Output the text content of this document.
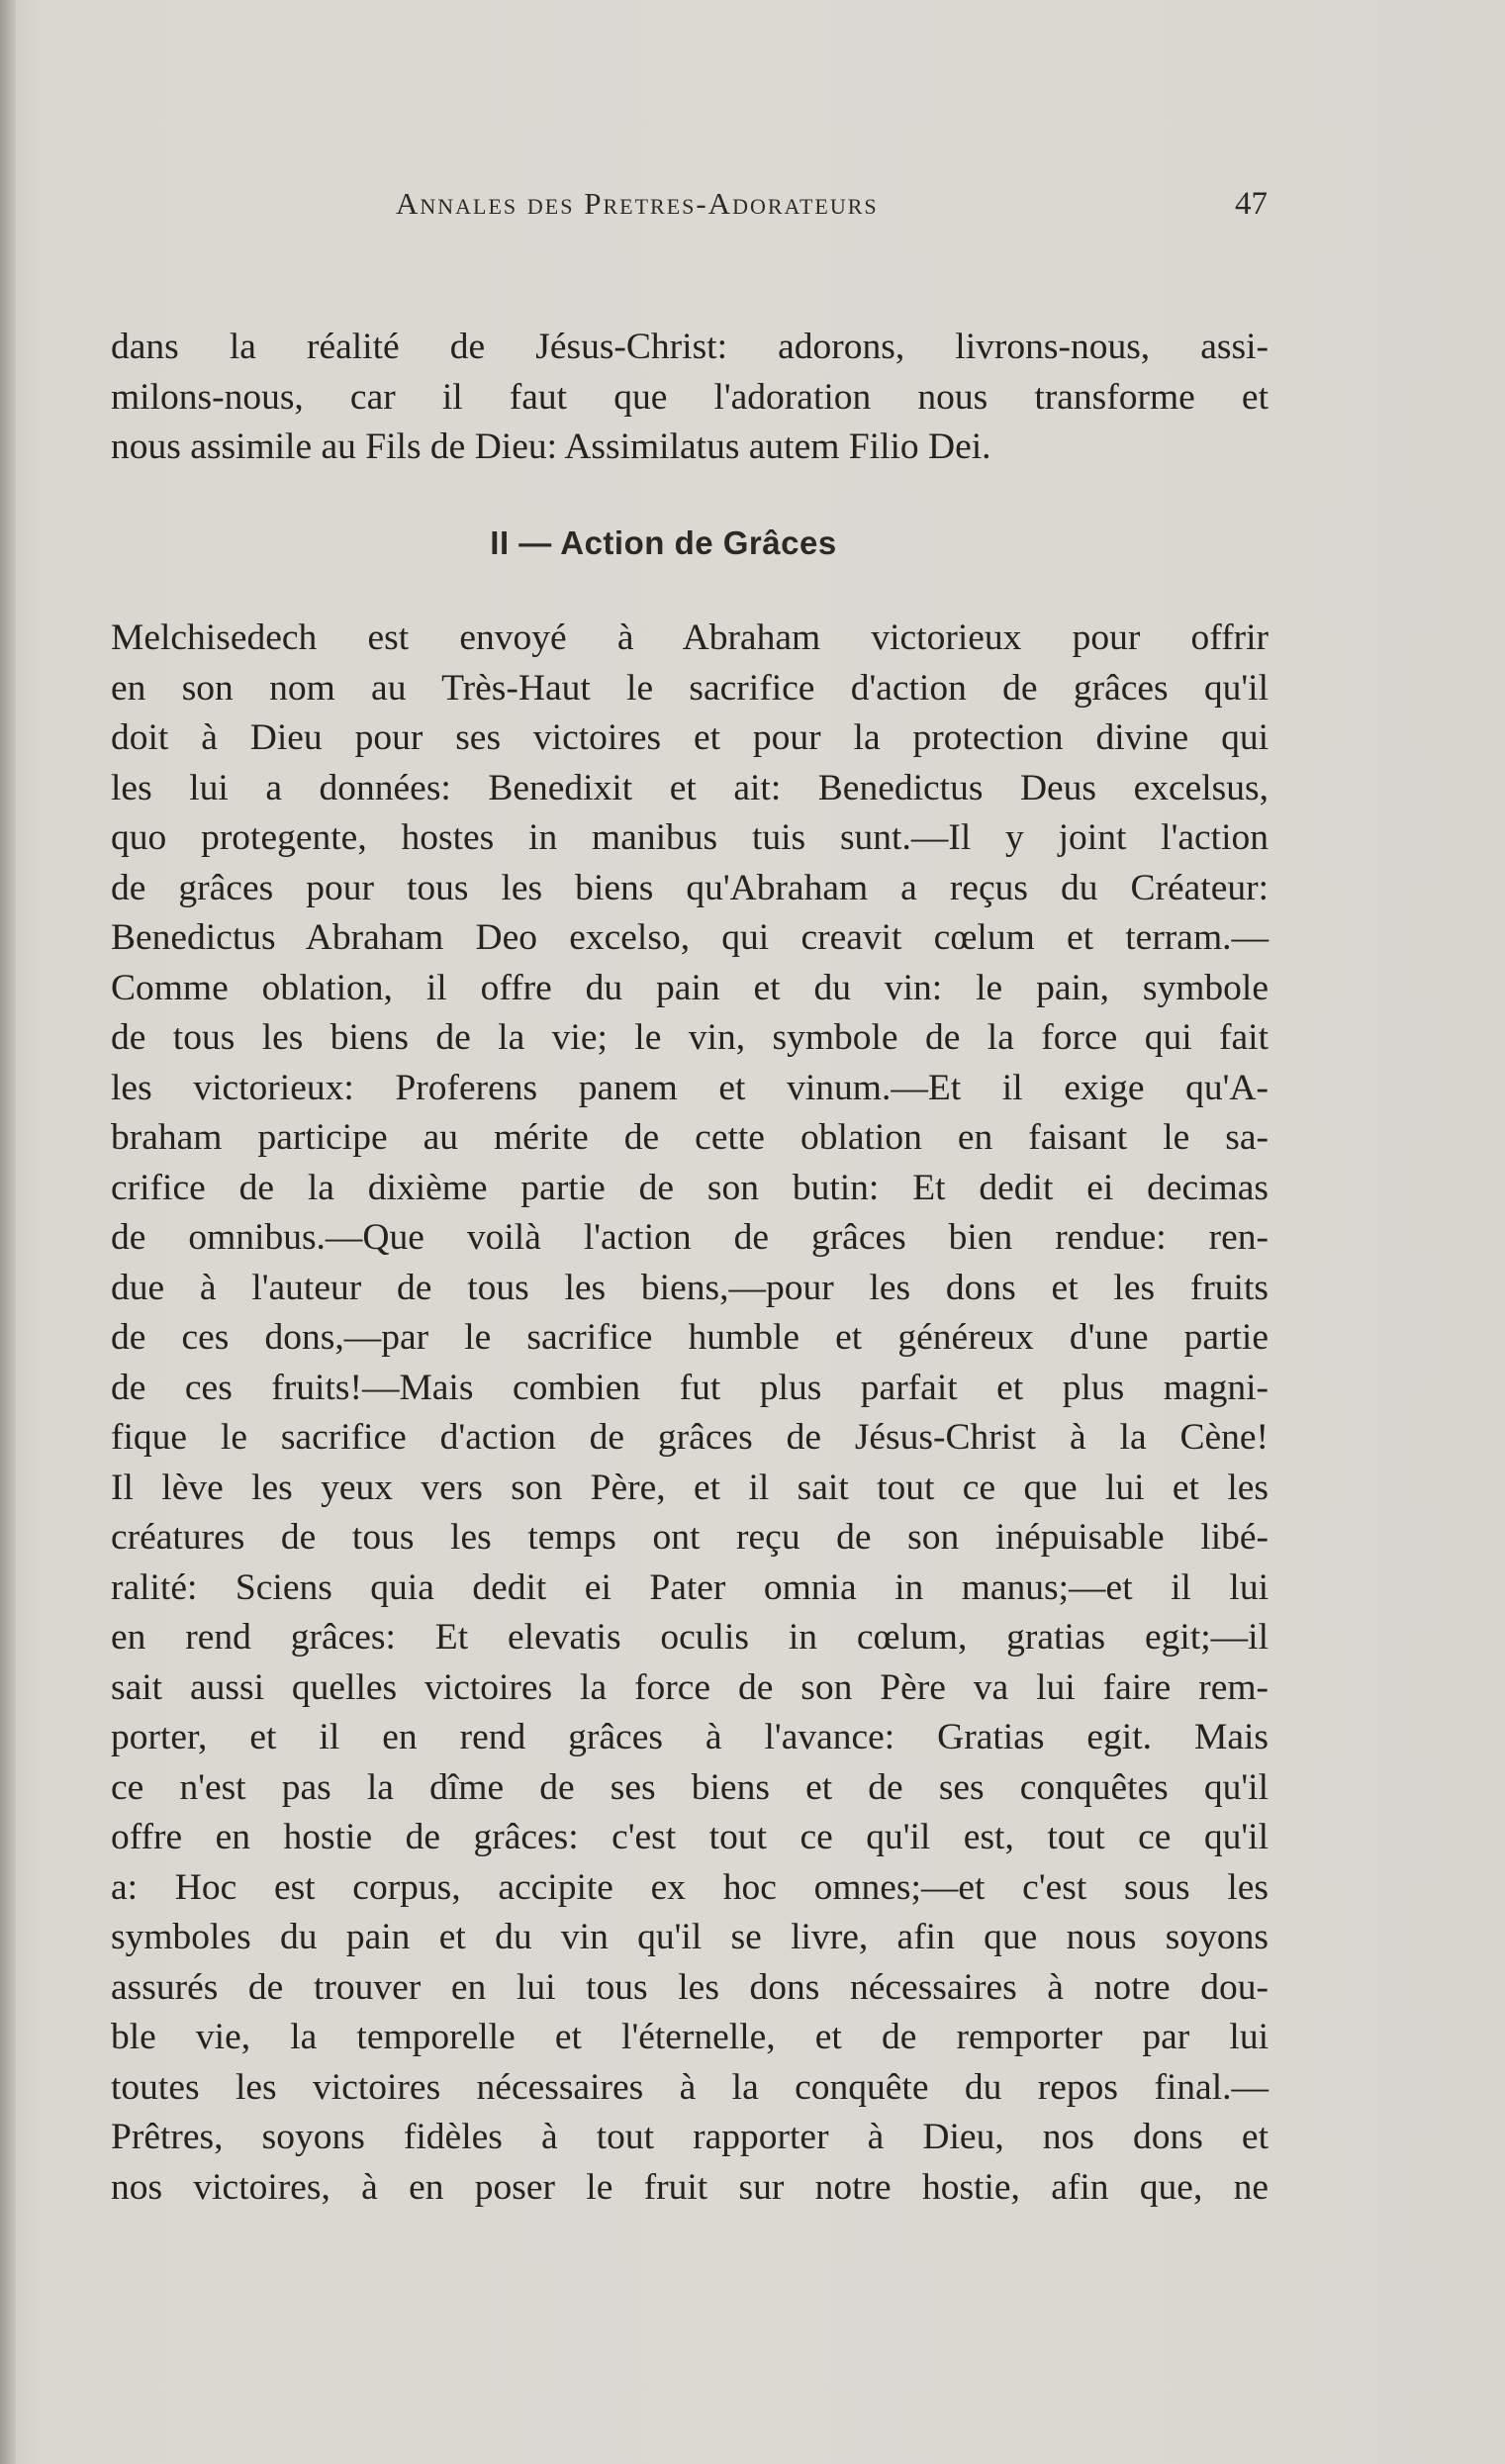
Annales des Pretres-Adorateurs	47
dans la réalité de Jésus-Christ: adorons, livrons-nous, assi-
milons-nous, car il faut que l'adoration nous transforme et
nous assimile au Fils de Dieu: Assimilatus autem Filio Dei.
II — Action de Grâces
Melchisedech est envoyé à Abraham victorieux pour offrir
en son nom au Très-Haut le sacrifice d'action de grâces qu'il
doit à Dieu pour ses victoires et pour la protection divine qui
les lui a données: Benedixit et ait: Benedictus Deus excelsus,
quo protegente, hostes in manibus tuis sunt.—Il y joint l'action
de grâces pour tous les biens qu'Abraham a reçus du Créateur:
Benedictus Abraham Deo excelso, qui creavit cœlum et terram.—
Comme oblation, il offre du pain et du vin: le pain, symbole
de tous les biens de la vie; le vin, symbole de la force qui fait
les victorieux: Proferens panem et vinum.—Et il exige qu'A-
braham participe au mérite de cette oblation en faisant le sa-
crifice de la dixième partie de son butin: Et dedit ei decimas
de omnibus.—Que voilà l'action de grâces bien rendue: ren-
due à l'auteur de tous les biens,—pour les dons et les fruits
de ces dons,—par le sacrifice humble et généreux d'une partie
de ces fruits!—Mais combien fut plus parfait et plus magni-
fique le sacrifice d'action de grâces de Jésus-Christ à la Cène!
Il lève les yeux vers son Père, et il sait tout ce que lui et les
créatures de tous les temps ont reçu de son inépuisable libé-
ralité: Sciens quia dedit ei Pater omnia in manus;—et il lui
en rend grâces: Et elevatis oculis in cœlum, gratias egit;—il
sait aussi quelles victoires la force de son Père va lui faire rem-
porter, et il en rend grâces à l'avance: Gratias egit. Mais
ce n'est pas la dîme de ses biens et de ses conquêtes qu'il
offre en hostie de grâces: c'est tout ce qu'il est, tout ce qu'il
a: Hoc est corpus, accipite ex hoc omnes;—et c'est sous les
symboles du pain et du vin qu'il se livre, afin que nous soyons
assurés de trouver en lui tous les dons nécessaires à notre dou-
ble vie, la temporelle et l'éternelle, et de remporter par lui
toutes les victoires nécessaires à la conquête du repos final.—
Prêtres, soyons fidèles à tout rapporter à Dieu, nos dons et
nos victoires, à en poser le fruit sur notre hostie, afin que, ne
